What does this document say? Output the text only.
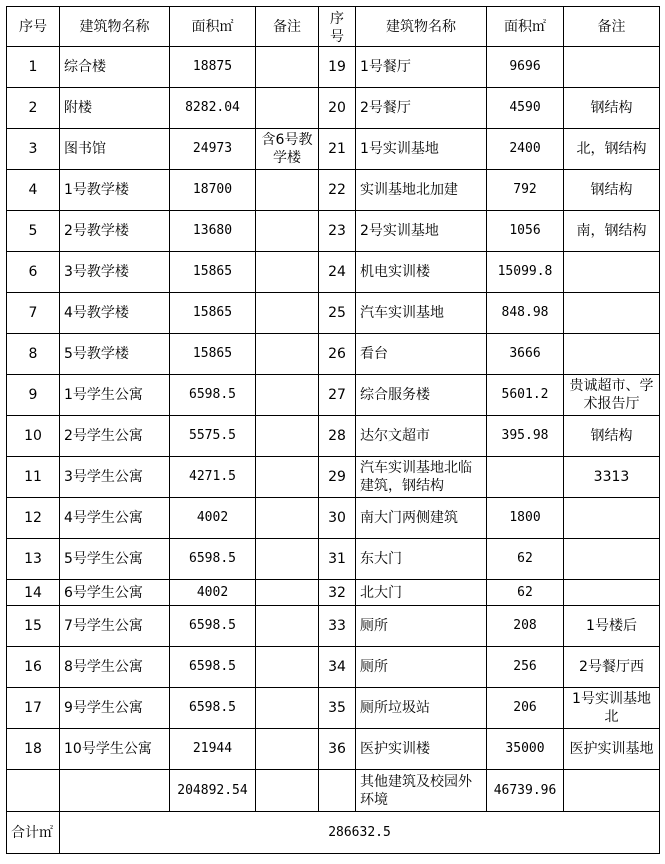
序号	建筑物名称	面积㎡	备注	序号	建筑物名称	面积㎡	备注
1	综合楼	18875		19	1号餐厅	9696	
2	附楼	8282.04		20	2号餐厅	4590	钢结构
3	图书馆	24973	含6号教学楼	21	1号实训基地	2400	北，钢结构
4	1号教学楼	18700		22	实训基地北加建	792	钢结构
5	2号教学楼	13680		23	2号实训基地	1056	南，钢结构
6	3号教学楼	15865		24	机电实训楼	15099.8	
7	4号教学楼	15865		25	汽车实训基地	848.98	
8	5号教学楼	15865		26	看台	3666	
9	1号学生公寓	6598.5		27	综合服务楼	5601.2	贵诚超市、学术报告厅
10	2号学生公寓	5575.5		28	达尔文超市	395.98	钢结构
11	3号学生公寓	4271.5		29	汽车实训基地北临建筑，钢结构		3313
12	4号学生公寓	4002		30	南大门两侧建筑	1800	
13	5号学生公寓	6598.5		31	东大门	62	
14	6号学生公寓	4002		32	北大门	62	
15	7号学生公寓	6598.5		33	厕所	208	1号楼后
16	8号学生公寓	6598.5		34	厕所	256	2号餐厅西
17	9号学生公寓	6598.5		35	厕所垃圾站	206	1号实训基地北
18	10号学生公寓	21944		36	医护实训楼	35000	医护实训基地
		204892.54			其他建筑及校园外环境	46739.96	
合计㎡	286632.5						
